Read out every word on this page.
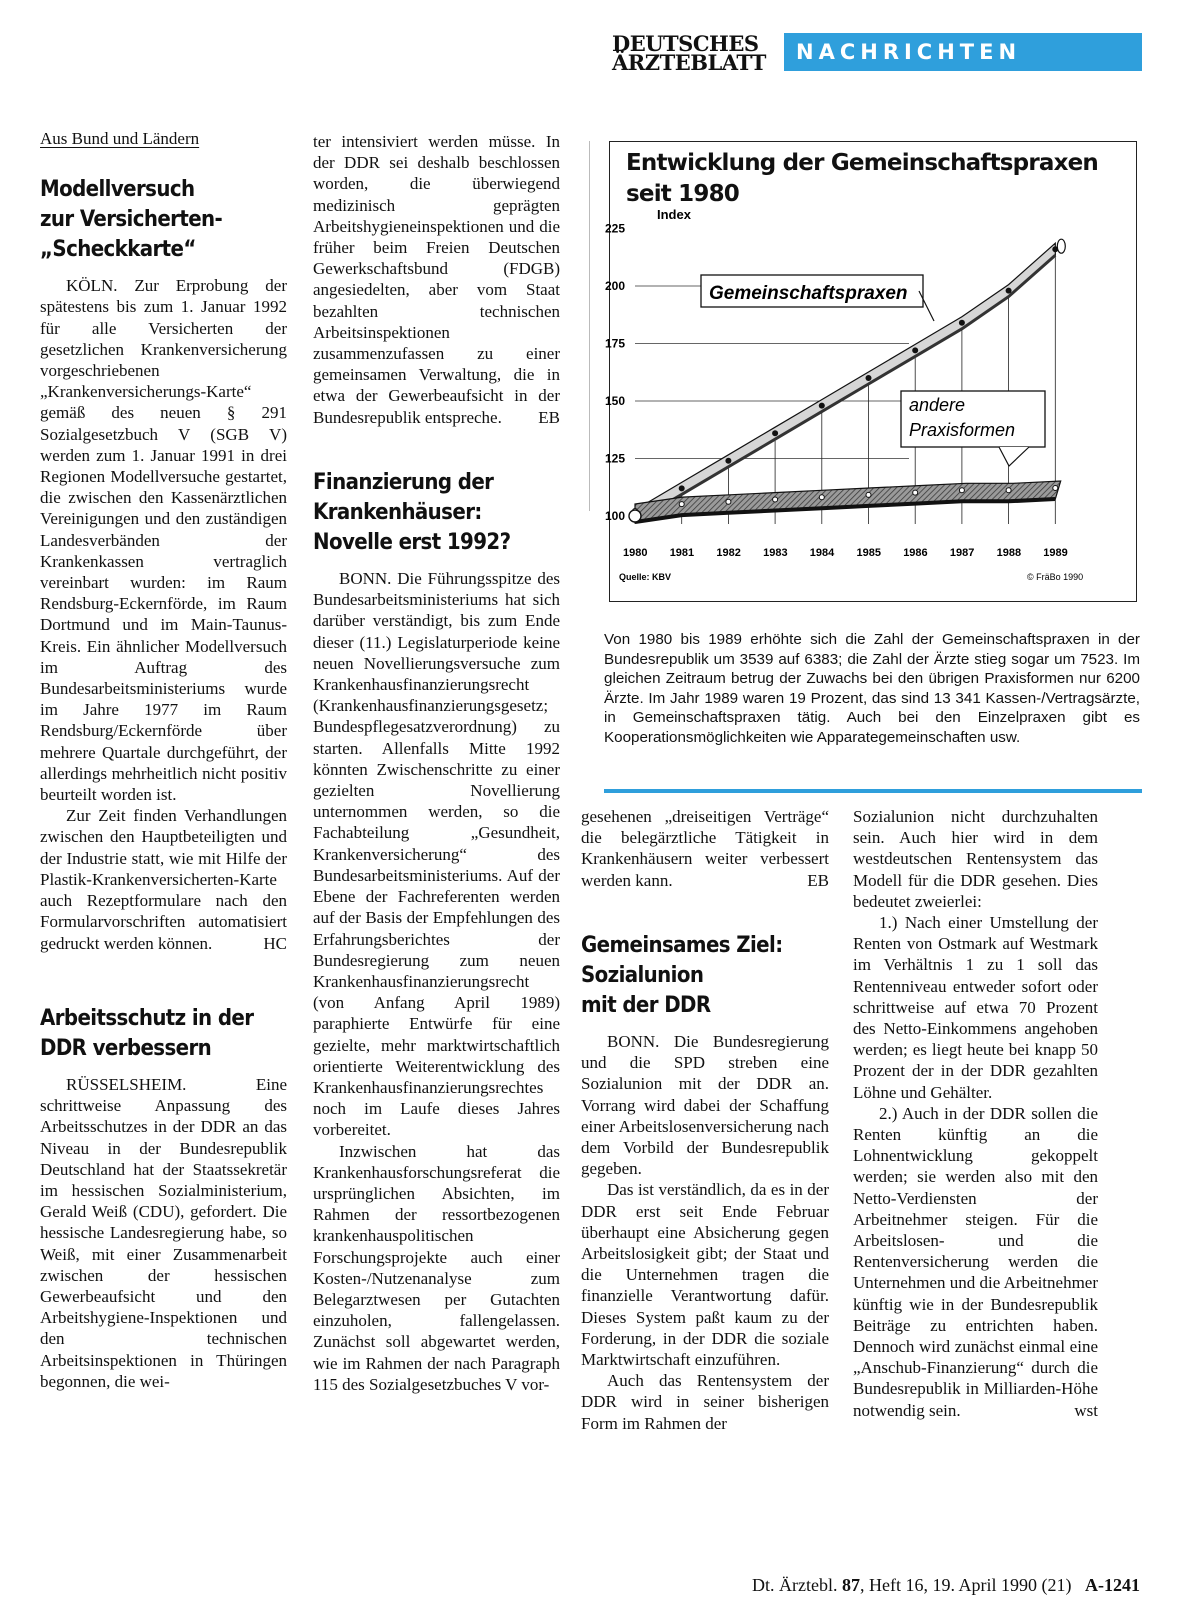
DEUTSCHES
ÄRZTEBLATT	NACHRICHTEN
Aus Bund und Ländern
Modellversuch
zur Versicherten-
„Scheckkarte“

KÖLN. Zur Erprobung der spätestens bis zum 1. Januar 1992 für alle Versicherten der gesetzlichen Krankenversicherung vorgeschriebenen „Krankenversicherungs-Karte“ gemäß des neuen § 291 Sozialgesetzbuch V (SGB V) werden zum 1. Januar 1991 in drei Regionen Modellversuche gestartet, die zwischen den Kassenärztlichen Vereinigungen und den zuständigen Landesverbänden der Krankenkassen vertraglich vereinbart wurden: im Raum Rendsburg-Eckernförde, im Raum Dortmund und im Main-Taunus-Kreis. Ein ähnlicher Modellversuch im Auftrag des Bundesarbeitsministeriums wurde im Jahre 1977 im Raum Rendsburg/Eckernförde über mehrere Quartale durchgeführt, der allerdings mehrheitlich nicht positiv beurteilt worden ist.

Zur Zeit finden Verhandlungen zwischen den Hauptbeteiligten und der Industrie statt, wie mit Hilfe der Plastik-Krankenversicherten-Karte auch Rezeptformulare nach den Formularvorschriften automatisiert gedruckt werden können.	HC

Arbeitsschutz in der
DDR verbessern

RÜSSELSHEIM. Eine schrittweise Anpassung des Arbeitsschutzes in der DDR an das Niveau in der Bundesrepublik Deutschland hat der Staatssekretär im hessischen Sozialministerium, Gerald Weiß (CDU), gefordert. Die hessische Landesregierung habe, so Weiß, mit einer Zusammenarbeit zwischen der hessischen Gewerbeaufsicht und den Arbeitshygiene-Inspektionen und den technischen Arbeitsinspektionen in Thüringen begonnen, die wei-

ter intensiviert werden müsse. In der DDR sei deshalb beschlossen worden, die überwiegend medizinisch geprägten Arbeitshygieneinspektionen und die früher beim Freien Deutschen Gewerkschaftsbund (FDGB) angesiedelten, aber vom Staat bezahlten technischen Arbeitsinspektionen zusammenzufassen zu einer gemeinsamen Verwaltung, die in etwa der Gewerbeaufsicht in der Bundesrepublik entspreche.	EB

Finanzierung der
Krankenhäuser:
Novelle erst 1992?

BONN. Die Führungsspitze des Bundesarbeitsministeriums hat sich darüber verständigt, bis zum Ende dieser (11.) Legislaturperiode keine neuen Novellierungsversuche zum Krankenhausfinanzierungsrecht (Krankenhausfinanzierungsgesetz; Bundespflegesatzverordnung) zu starten. Allenfalls Mitte 1992 könnten Zwischenschritte zu einer gezielten Novellierung unternommen werden, so die Fachabteilung „Gesundheit, Krankenversicherung“ des Bundesarbeitsministeriums. Auf der Ebene der Fachreferenten werden auf der Basis der Empfehlungen des Erfahrungsberichtes der Bundesregierung zum neuen Krankenhausfinanzierungsrecht (von Anfang April 1989) paraphierte Entwürfe für eine gezielte, mehr marktwirtschaftlich orientierte Weiterentwicklung des Krankenhausfinanzierungsrechtes noch im Laufe dieses Jahres vorbereitet.

Inzwischen hat das Krankenhausforschungsreferat die ursprünglichen Absichten, im Rahmen der ressortbezogenen krankenhauspolitischen Forschungsprojekte auch einer Kosten-/Nutzenanalyse zum Belegarztwesen per Gutachten einzuholen, fallengelassen. Zunächst soll abgewartet werden, wie im Rahmen der nach Paragraph 115 des Sozialgesetzbuches V vor-

Entwicklung der Gemeinschaftspraxen
seit 1980
100
125
150
175
200
225
1980 1981 1982 1983 1984 1985 1986 1987 1988 1989
Gemeinschaftspraxen
andere
Praxisformen
Index
Quelle: KBV	© FräBo 1990
Von 1980 bis 1989 erhöhte sich die Zahl der Gemeinschaftspraxen in der Bundesrepublik um 3539 auf 6383; die Zahl der Ärzte stieg sogar um 7523. Im gleichen Zeitraum betrug der Zuwachs bei den übrigen Praxisformen nur 6200 Ärzte. Im Jahr 1989 waren 19 Prozent, das sind 13 341 Kassen-/Vertragsärzte, in Gemeinschaftspraxen tätig. Auch bei den Einzelpraxen gibt es Kooperationsmöglichkeiten wie Apparategemeinschaften usw.

gesehenen „dreiseitigen Verträge“ die belegärztliche Tätigkeit in Krankenhäusern weiter verbessert werden kann.	EB

Gemeinsames Ziel:
Sozialunion
mit der DDR

BONN. Die Bundesregierung und die SPD streben eine Sozialunion mit der DDR an. Vorrang wird dabei der Schaffung einer Arbeitslosenversicherung nach dem Vorbild der Bundesrepublik gegeben.

Das ist verständlich, da es in der DDR erst seit Ende Februar überhaupt eine Absicherung gegen Arbeitslosigkeit gibt; der Staat und die Unternehmen tragen die finanzielle Verantwortung dafür. Dieses System paßt kaum zu der Forderung, in der DDR die soziale Marktwirtschaft einzuführen.

Auch das Rentensystem der DDR wird in seiner bisherigen Form im Rahmen der

Sozialunion nicht durchzuhalten sein. Auch hier wird in dem westdeutschen Rentensystem das Modell für die DDR gesehen. Dies bedeutet zweierlei:

1.) Nach einer Umstellung der Renten von Ostmark auf Westmark im Verhältnis 1 zu 1 soll das Rentenniveau entweder sofort oder schrittweise auf etwa 70 Prozent des Netto-Einkommens angehoben werden; es liegt heute bei knapp 50 Prozent der in der DDR gezahlten Löhne und Gehälter.

2.) Auch in der DDR sollen die Renten künftig an die Lohnentwicklung gekoppelt werden; sie werden also mit den Netto-Verdiensten der Arbeitnehmer steigen. Für die Arbeitslosen- und die Rentenversicherung werden die Unternehmen und die Arbeitnehmer künftig wie in der Bundesrepublik Beiträge zu entrichten haben. Dennoch wird zunächst einmal eine „Anschub-Finanzierung“ durch die Bundesrepublik in Milliarden-Höhe notwendig sein.	wst

Dt. Ärztebl. 87, Heft 16, 19. April 1990 (21) A-1241
